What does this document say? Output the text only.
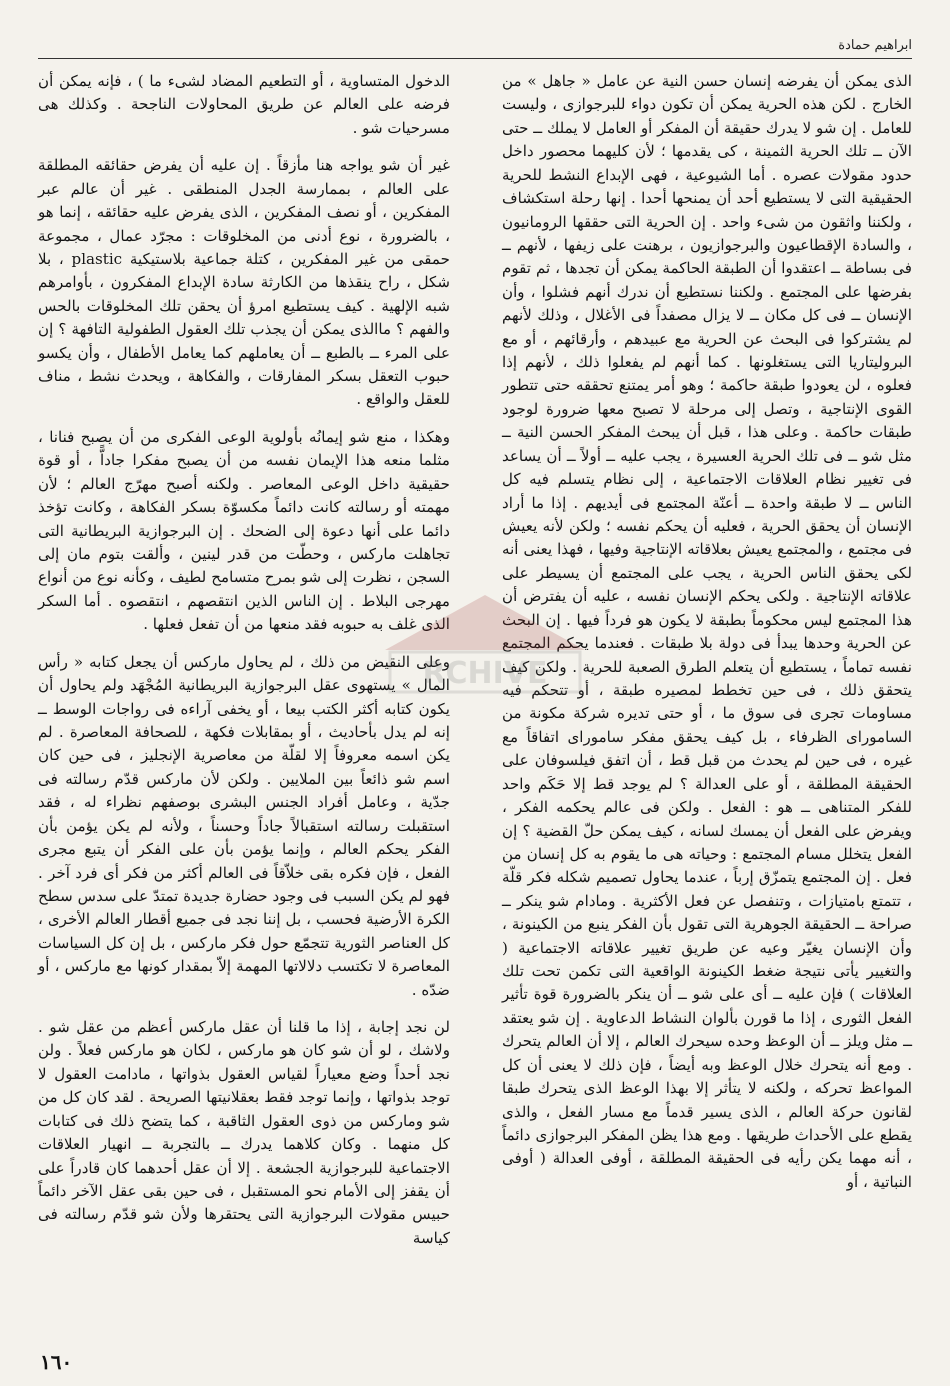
ابراهيم حمادة

الذى يمكن أن يفرضه إنسان حسن النية عن عامل « جاهل » من الخارج . لكن هذه الحرية يمكن أن تكون دواء للبرجوازى ، وليست للعامل . إن شو لا يدرك حقيقة أن المفكر أو العامل لا يملك ــ حتى الآن ــ تلك الحرية الثمينة ، كى يقدمها ؛ لأن كليهما محصور داخل حدود مقولات عصره . أما الشيوعية ، فهى الإبداع النشط للحرية الحقيقية التى لا يستطيع أحد أن يمنحها أحدا . إنها رحلة استكشاف ، ولكننا واثقون من شىء واحد . إن الحرية التى حققها الرومانيون ، والسادة الإقطاعيون والبرجوازيون ، برهنت على زيفها ، لأنهم ــ فى بساطة ــ اعتقدوا أن الطبقة الحاكمة يمكن أن تجدها ، ثم تقوم بفرضها على المجتمع . ولكننا نستطيع أن ندرك أنهم فشلوا ، وأن الإنسان ــ فى كل مكان ــ لا يزال مصفداً فى الأغلال ، وذلك لأنهم لم يشتركوا فى البحث عن الحرية مع عبيدهم ، وأرقائهم ، أو مع البروليتاريا التى يستغلونها . كما أنهم لم يفعلوا ذلك ، لأنهم إذا فعلوه ، لن يعودوا طبقة حاكمة ؛ وهو أمر يمتنع تحققه حتى تتطور القوى الإنتاجية ، وتصل إلى مرحلة لا تصبح معها ضرورة لوجود طبقات حاكمة . وعلى هذا ، قبل أن يبحث المفكر الحسن النية ــ مثل شو ــ فى تلك الحرية العسيرة ، يجب عليه ــ أولاً ــ أن يساعد فى تغيير نظام العلاقات الاجتماعية ، إلى نظام يتسلم فيه كل الناس ــ لا طبقة واحدة ــ أعنّة المجتمع فى أيديهم . إذا ما أراد الإنسان أن يحقق الحرية ، فعليه أن يحكم نفسه ؛ ولكن لأنه يعيش فى مجتمع ، والمجتمع يعيش بعلاقاته الإنتاجية وفيها ، فهذا يعنى أنه لكى يحقق الناس الحرية ، يجب على المجتمع أن يسيطر على علاقاته الإنتاجية . ولكى يحكم الإنسان نفسه ، عليه أن يفترض أن هذا المجتمع ليس محكوماً بطبقة لا يكون هو فرداً فيها . إن البحث عن الحرية وحدها يبدأ فى دولة بلا طبقات . فعندما يحكم المجتمع نفسه تماماً ، يستطيع أن يتعلم الطرق الصعبة للحرية . ولكن كيف يتحقق ذلك ، فى حين تخطط لمصيره طبقة ، أو تتحكم فيه مساومات تجرى فى سوق ما ، أو حتى تديره شركة مكونة من الساموراى الظرفاء ، بل كيف يحقق مفكر ساموراى اتفاقاً مع غيره ، فى حين لم يحدث من قبل قط ، أن اتفق فيلسوفان على الحقيقة المطلقة ، أو على العدالة ؟ لم يوجد قط إلا حَكَم واحد للفكر المتناهى ــ هو : الفعل . ولكن فى عالم يحكمه الفكر ، ويفرض على الفعل أن يمسك لسانه ، كيف يمكن حلّ القضية ؟ إن الفعل يتخلل مسام المجتمع : وحياته هى ما يقوم به كل إنسان من فعل . إن المجتمع يتمزّق إرباً ، عندما يحاول تصميم شكله فكر قلّة ، تتمتع بامتيازات ، وتنفصل عن فعل الأكثرية . ومادام شو ينكر ــ صراحة ــ الحقيقة الجوهرية التى تقول بأن الفكر ينبع من الكينونة ، وأن الإنسان يغيّر وعيه عن طريق تغيير علاقاته الاجتماعية ( والتغيير يأتى نتيجة ضغط الكينونة الواقعية التى تكمن تحت تلك العلاقات ) فإن عليه ــ أى على شو ــ أن ينكر بالضرورة قوة تأثير الفعل الثورى ، إذا ما قورن بألوان النشاط الدعاوية . إن شو يعتقد ــ مثل ويلز ــ أن الوعظ وحده سيحرك العالم ، إلا أن العالم يتحرك . ومع أنه يتحرك خلال الوعظ وبه أيضاً ، فإن ذلك لا يعنى أن كل المواعظ تحركه ، ولكنه لا يتأثر إلا بهذا الوعظ الذى يتحرك طبقا لقانون حركة العالم ، الذى يسير قدماً مع مسار الفعل ، والذى يقطع على الأحداث طريقها . ومع هذا يظن المفكر البرجوازى دائماً ، أنه مهما يكن رأيه فى الحقيقة المطلقة ، أوفى العدالة ( أوفى النباتية ، أو

الدخول المتساوية ، أو التطعيم المضاد لشىء ما ) ، فإنه يمكن أن فرضه على العالم عن طريق المحاولات الناجحة . وكذلك هى مسرحيات شو .

غير أن شو يواجه هنا مأزقاً . إن عليه أن يفرض حقائقه المطلقة على العالم ، بممارسة الجدل المنطقى . غير أن عالم عبر المفكرين ، أو نصف المفكرين ، الذى يفرض عليه حقائقه ، إنما هو ، بالضرورة ، نوع أدنى من المخلوقات : مجرّد عمال ، مجموعة حمقى من غير المفكرين ، كتلة جماعية بلاستيكية plastic ، بلا شكل ، راح ينقذها من الكارثة سادة الإبداع المفكرون ، بأوامرهم شبه الإلهية . كيف يستطيع امرؤ أن يحقن تلك المخلوقات بالحس والفهم ؟ ماالذى يمكن أن يجذب تلك العقول الطفولية التافهة ؟ إن على المرء ــ بالطبع ــ أن يعاملهم كما يعامل الأطفال ، وأن يكسو حبوب التعقل بسكر المفارقات ، والفكاهة ، ويحدث نشط ، مناف للعقل والواقع .

وهكذا ، منع شو إيمانُه بأولوية الوعى الفكرى من أن يصبح فنانا ، مثلما منعه هذا الإيمان نفسه من أن يصبح مفكرا جاداًّ ، أو قوة حقيقية داخل الوعى المعاصر . ولكنه أصبح مهرّج العالم ؛ لأن مهمته أو رسالته كانت دائماً مكسوّة بسكر الفكاهة ، وكانت تؤخذ دائما على أنها دعوة إلى الضحك . إن البرجوازية البريطانية التى تجاهلت ماركس ، وحطّت من قدر لينين ، وألقت بتوم مان إلى السجن ، نظرت إلى شو بمرح متسامح لطيف ، وكأنه نوع من أنواع مهرجى البلاط . إن الناس الذين انتقصهم ، انتقصوه . أما السكر الذى غلف به حبوبه فقد منعها من أن تفعل فعلها .

وعلى النقيض من ذلك ، لم يحاول ماركس أن يجعل كتابه « رأس المال » يستهوى عقل البرجوازية البريطانية المُجْهَد ولم يحاول أن يكون كتابه أكثر الكتب بيعا ، أو يخفى آراءه فى رواجات الوسط ــ إنه لم يدل بأحاديث ، أو بمقابلات فكهة ، للصحافة المعاصرة . لم يكن اسمه معروفاً إلا لقلّة من معاصرية الإنجليز ، فى حين كان اسم شو ذائعاً بين الملايين . ولكن لأن ماركس قدّم رسالته فى جدّية ، وعامل أفراد الجنس البشرى بوصفهم نظراء له ، فقد استقبلت رسالته استقبالاً جاداً وحسناً ، ولأنه لم يكن يؤمن بأن الفكر يحكم العالم ، وإنما يؤمن بأن على الفكر أن يتبع مجرى الفعل ، فإن فكره بقى خلاّقاً فى العالم أكثر من فكر أى فرد آخر . فهو لم يكن السبب فى وجود حضارة جديدة تمتدّ على سدس سطح الكرة الأرضية فحسب ، بل إننا نجد فى جميع أقطار العالم الأخرى ، كل العناصر الثورية تتجمّع حول فكر ماركس ، بل إن كل السياسات المعاصرة لا تكتسب دلالاتها المهمة إلاّ بمقدار كونها مع ماركس ، أو ضدّه .

لن نجد إجابة ، إذا ما قلنا أن عقل ماركس أعظم من عقل شو . ولاشك ، لو أن شو كان هو ماركس ، لكان هو ماركس فعلاً . ولن نجد أحداً وضع معياراً لقياس العقول بذواتها ، مادامت العقول لا توجد بذواتها ، وإنما توجد فقط بعقلانيتها الصريحة . لقد كان كل من شو وماركس من ذوى العقول الثاقبة ، كما يتضح ذلك فى كتابات كل منهما . وكان كلاهما يدرك ــ بالتجربة ــ انهيار العلاقات الاجتماعية للبرجوازية الجشعة . إلا أن عقل أحدهما كان قادراً على أن يقفز إلى الأمام نحو المستقبل ، فى حين بقى عقل الآخر دائماً حبيس مقولات البرجوازية التى يحتقرها ولأن شو قدّم رسالته فى كياسة

RCHIVE
١٦٠
